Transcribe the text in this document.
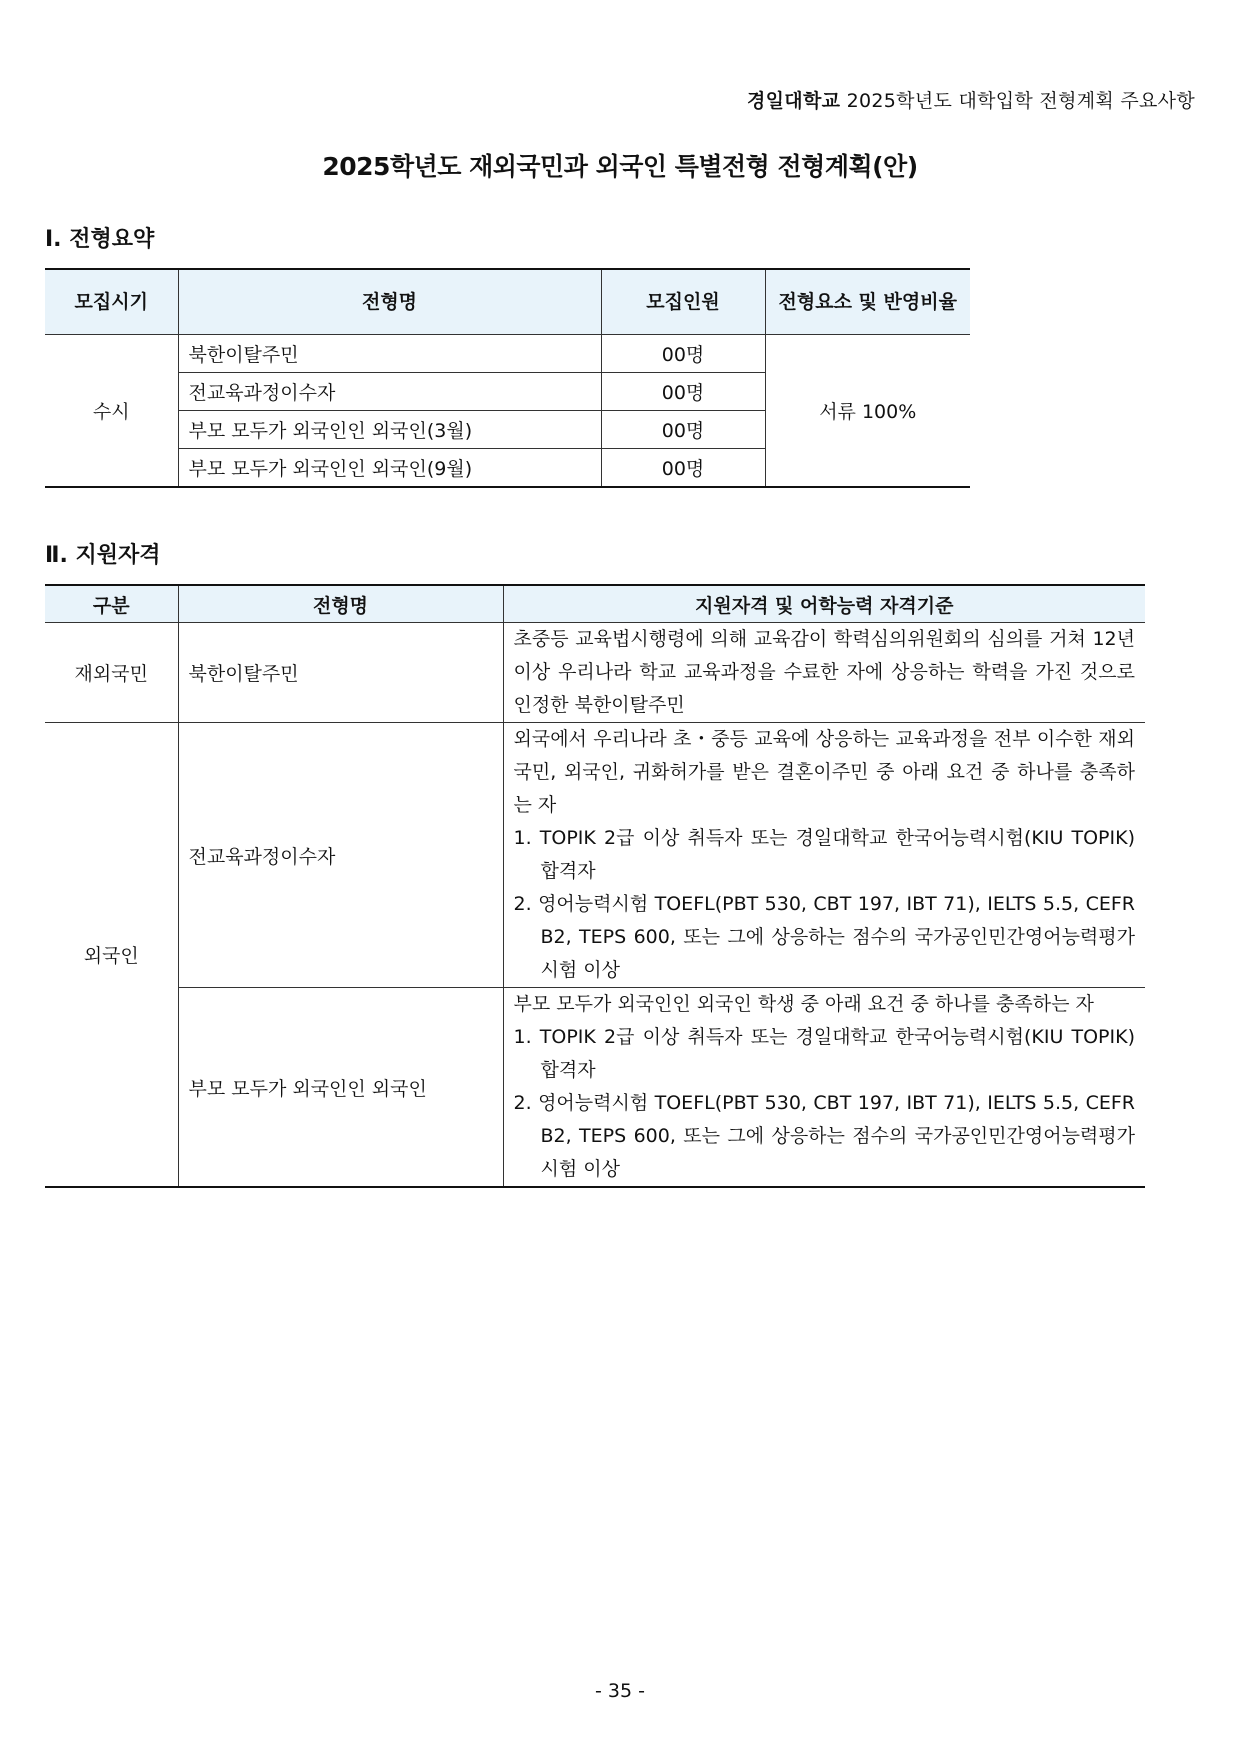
경일대학교 2025학년도 대학입학 전형계획 주요사항
2025학년도 재외국민과 외국인 특별전형 전형계획(안)
Ⅰ. 전형요약
모집시기	전형명	모집인원	전형요소 및 반영비율
수시	북한이탈주민	00명	서류 100%
	전교육과정이수자	00명	
	부모 모두가 외국인인 외국인(3월)	00명	
	부모 모두가 외국인인 외국인(9월)	00명	
Ⅱ. 지원자격
구분	전형명	지원자격 및 어학능력 자격기준
재외국민	북한이탈주민	초중등 교육법시행령에 의해 교육감이 학력심의위원회의 심의를 거쳐 12년 이상 우리나라 학교 교육과정을 수료한 자에 상응하는 학력을 가진 것으로 인정한 북한이탈주민

외국인	전교육과정이수자	외국에서 우리나라 초・중등 교육에 상응하는 교육과정을 전부 이수한 재외국민, 외국인, 귀화허가를 받은 결혼이주민 중 아래 요건 중 하나를 충족하는 자
1. TOPIK 2급 이상 취득자 또는 경일대학교 한국어능력시험(KIU TOPIK) 합격자
2. 영어능력시험 TOEFL(PBT 530, CBT 197, IBT 71), IELTS 5.5, CEFR B2, TEPS 600, 또는 그에 상응하는 점수의 국가공인민간영어능력평가시험 이상

	부모 모두가 외국인인 외국인	부모 모두가 외국인인 외국인 학생 중 아래 요건 중 하나를 충족하는 자
1. TOPIK 2급 이상 취득자 또는 경일대학교 한국어능력시험(KIU TOPIK) 합격자
2. 영어능력시험 TOEFL(PBT 530, CBT 197, IBT 71), IELTS 5.5, CEFR B2, TEPS 600, 또는 그에 상응하는 점수의 국가공인민간영어능력평가시험 이상
- 35 -
